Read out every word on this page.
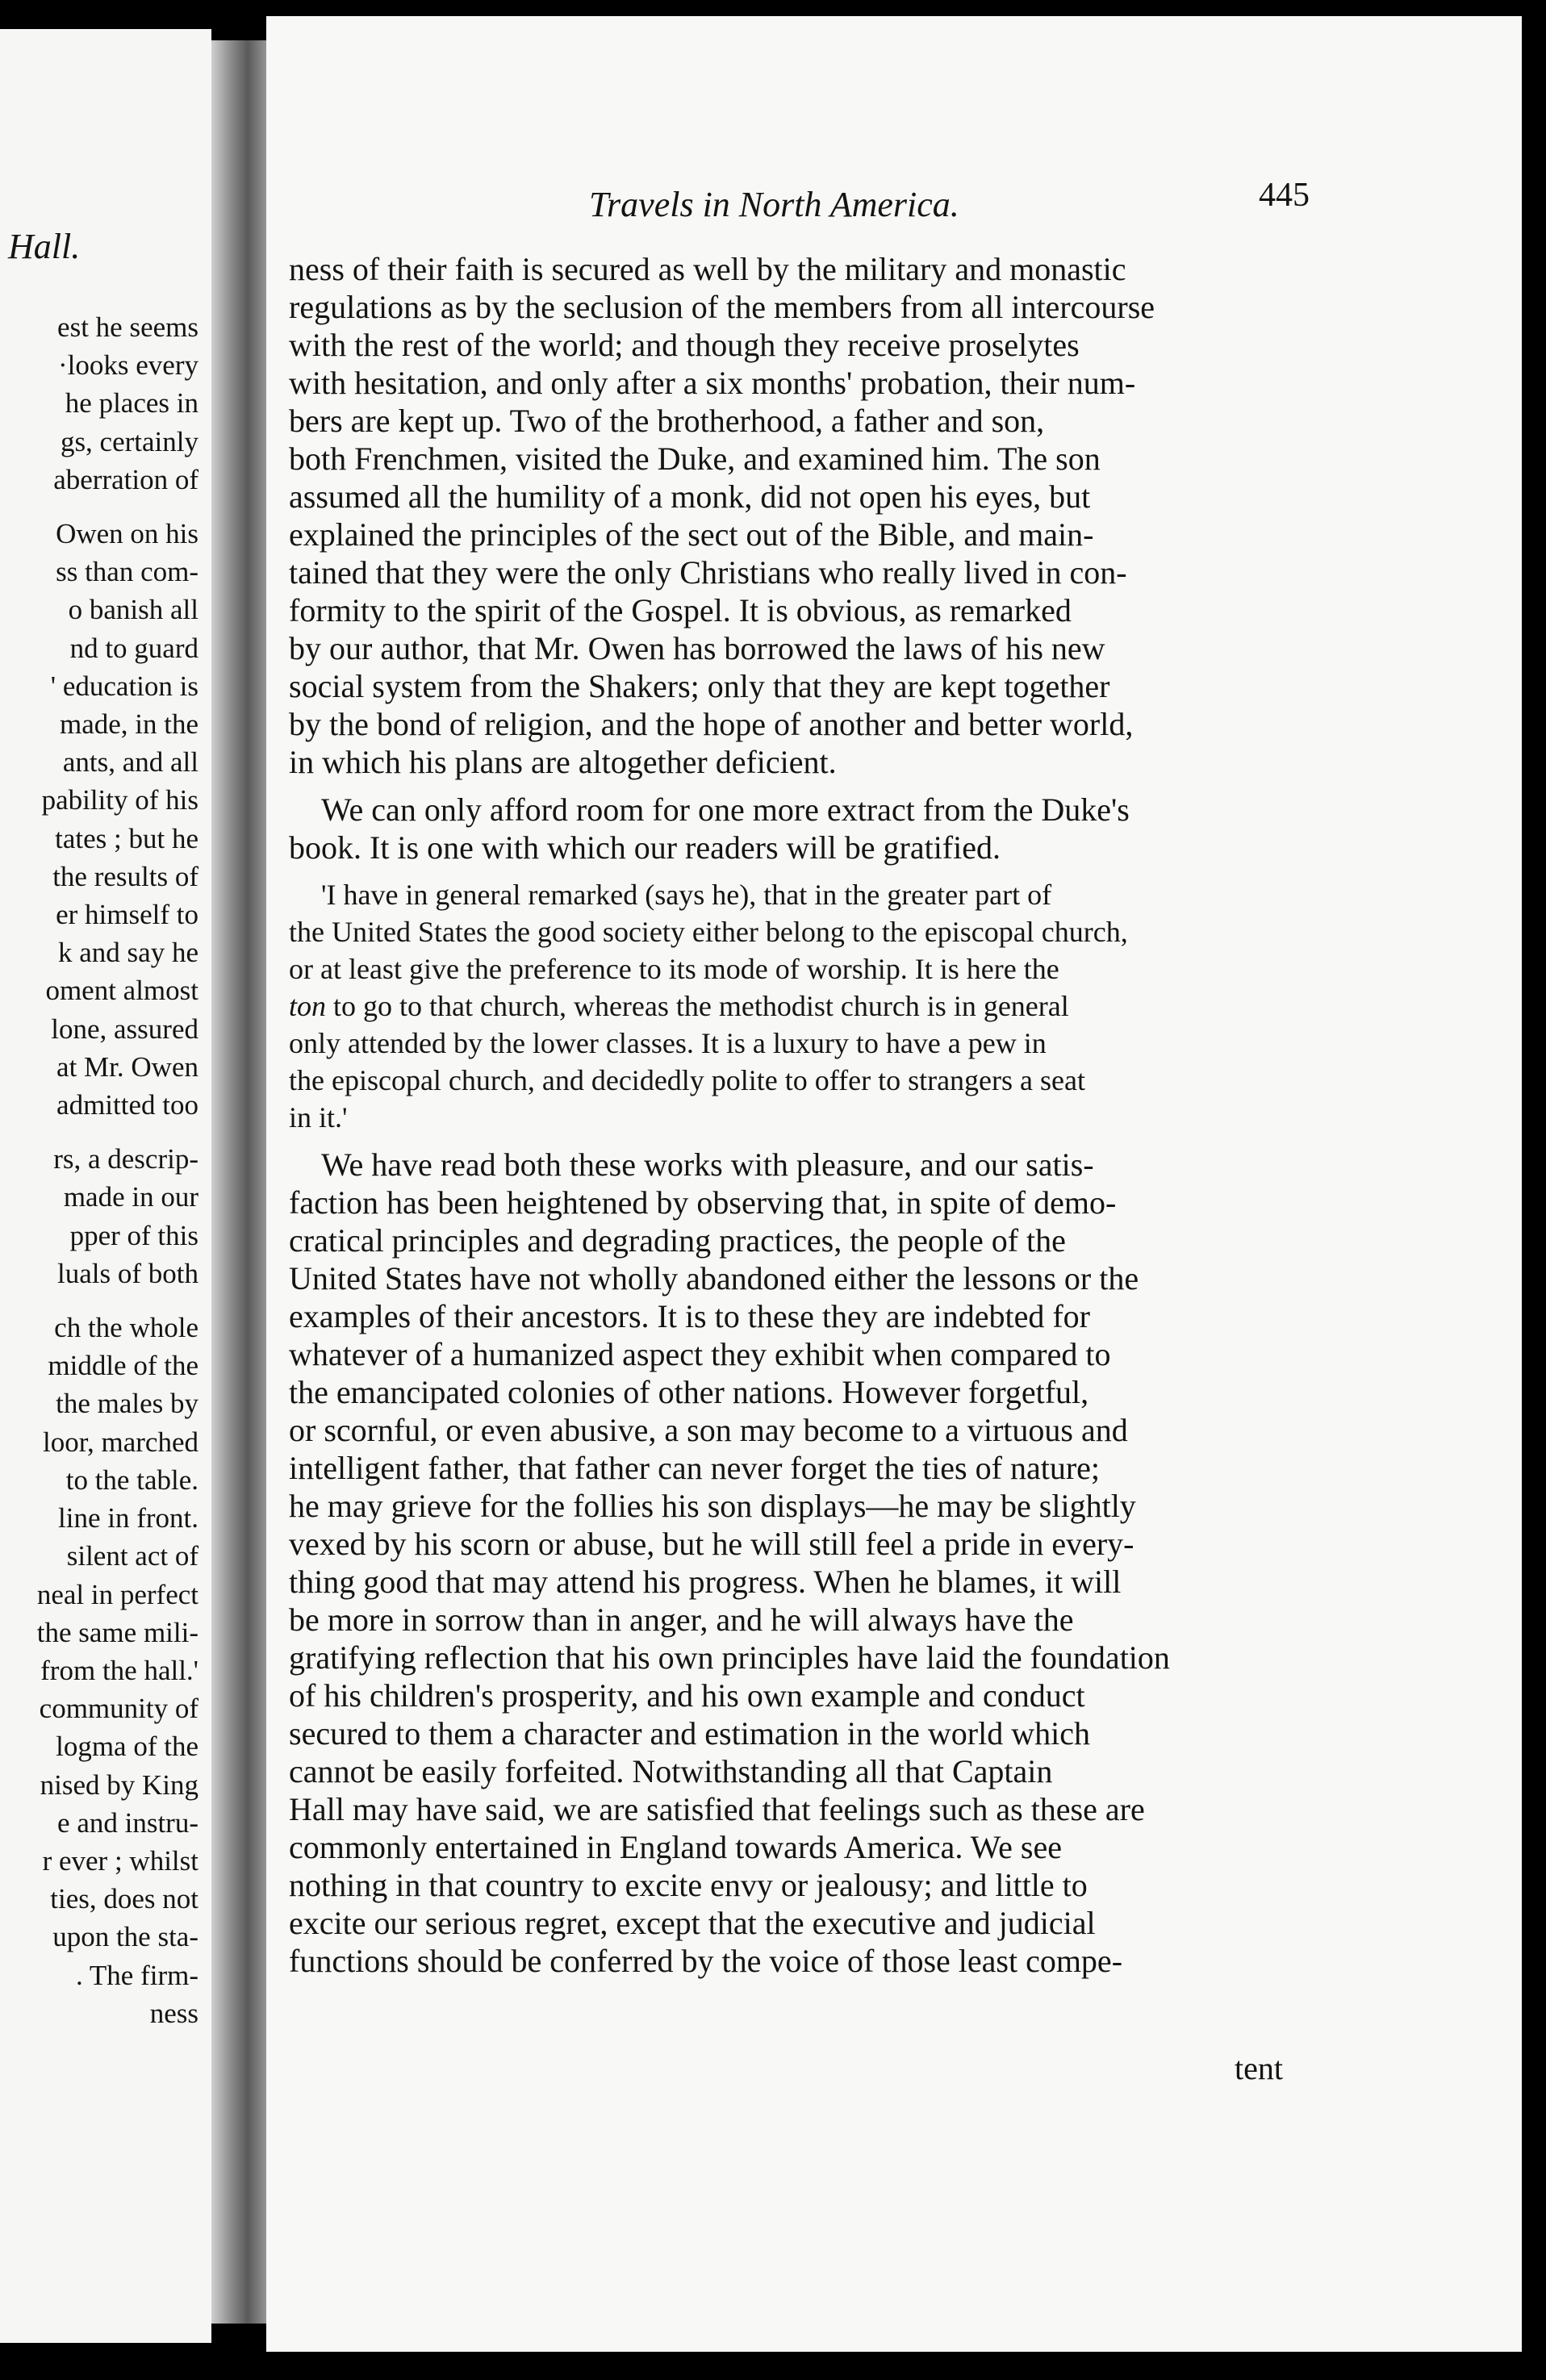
Hall.
est he seems
·looks every
he places in
gs, certainly
aberration of
Owen on his
ss than com-
o banish all
nd to guard
' education is
made, in the
ants, and all
pability of his
tates ; but he
the results of
er himself to
k and say he
oment almost
lone, assured
at Mr. Owen
admitted too
rs, a descrip-
made in our
pper of this
luals of both
ch the whole
middle of the
the males by
loor, marched
to the table.
line in front.
silent act of
neal in perfect
the same mili-
from the hall.'
community of
logma of the
nised by King
e and instru-
r ever ; whilst
ties, does not
upon the sta-
. The firm-
ness
Travels in North America.	445
ness of their faith is secured as well by the military and monastic
regulations as by the seclusion of the members from all intercourse
with the rest of the world; and though they receive proselytes
with hesitation, and only after a six months' probation, their num-
bers are kept up. Two of the brotherhood, a father and son,
both Frenchmen, visited the Duke, and examined him. The son
assumed all the humility of a monk, did not open his eyes, but
explained the principles of the sect out of the Bible, and main-
tained that they were the only Christians who really lived in con-
formity to the spirit of the Gospel. It is obvious, as remarked
by our author, that Mr. Owen has borrowed the laws of his new
social system from the Shakers; only that they are kept together
by the bond of religion, and the hope of another and better world,
in which his plans are altogether deficient.
We can only afford room for one more extract from the Duke's
book. It is one with which our readers will be gratified.
'I have in general remarked (says he), that in the greater part of
the United States the good society either belong to the episcopal church,
or at least give the preference to its mode of worship. It is here the
ton to go to that church, whereas the methodist church is in general
only attended by the lower classes. It is a luxury to have a pew in
the episcopal church, and decidedly polite to offer to strangers a seat
in it.'
We have read both these works with pleasure, and our satis-
faction has been heightened by observing that, in spite of demo-
cratical principles and degrading practices, the people of the
United States have not wholly abandoned either the lessons or the
examples of their ancestors. It is to these they are indebted for
whatever of a humanized aspect they exhibit when compared to
the emancipated colonies of other nations. However forgetful,
or scornful, or even abusive, a son may become to a virtuous and
intelligent father, that father can never forget the ties of nature;
he may grieve for the follies his son displays—he may be slightly
vexed by his scorn or abuse, but he will still feel a pride in every-
thing good that may attend his progress. When he blames, it will
be more in sorrow than in anger, and he will always have the
gratifying reflection that his own principles have laid the foundation
of his children's prosperity, and his own example and conduct
secured to them a character and estimation in the world which
cannot be easily forfeited. Notwithstanding all that Captain
Hall may have said, we are satisfied that feelings such as these are
commonly entertained in England towards America. We see
nothing in that country to excite envy or jealousy; and little to
excite our serious regret, except that the executive and judicial
functions should be conferred by the voice of those least compe-
tent
